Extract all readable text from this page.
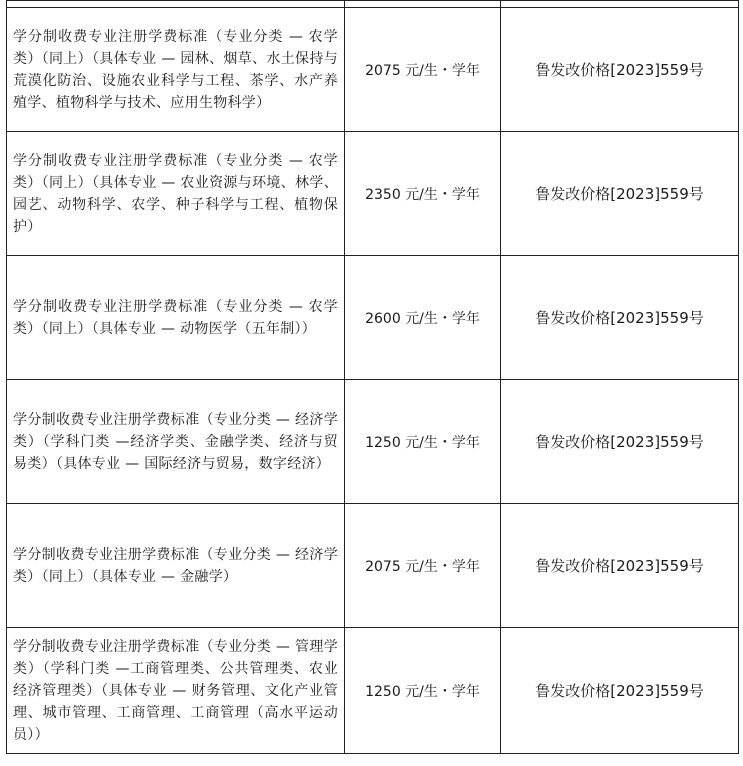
学分制收费专业注册学费标准（专业分类 — 农学类）（同上）（具体专业 — 园林、烟草、水土保持与荒漠化防治、设施农业科学与工程、茶学、水产养殖学、植物科学与技术、应用生物科学）	2075 元/生・学年	鲁发改价格[2023]559号
学分制收费专业注册学费标准（专业分类 — 农学类）（同上）（具体专业 — 农业资源与环境、林学、园艺、动物科学、农学、种子科学与工程、植物保护）	2350 元/生・学年	鲁发改价格[2023]559号
学分制收费专业注册学费标准（专业分类 — 农学类）（同上）（具体专业 — 动物医学（五年制））	2600 元/生・学年	鲁发改价格[2023]559号
学分制收费专业注册学费标准（专业分类 — 经济学类）（学科门类 —经济学类、金融学类、经济与贸易类）（具体专业 — 国际经济与贸易，数字经济）	1250 元/生・学年	鲁发改价格[2023]559号
学分制收费专业注册学费标准（专业分类 — 经济学类）（同上）（具体专业 — 金融学）	2075 元/生・学年	鲁发改价格[2023]559号
学分制收费专业注册学费标准（专业分类 — 管理学类）（学科门类 —工商管理类、公共管理类、农业经济管理类）（具体专业 — 财务管理、文化产业管理、城市管理、工商管理、工商管理（高水平运动员））	1250 元/生・学年	鲁发改价格[2023]559号
